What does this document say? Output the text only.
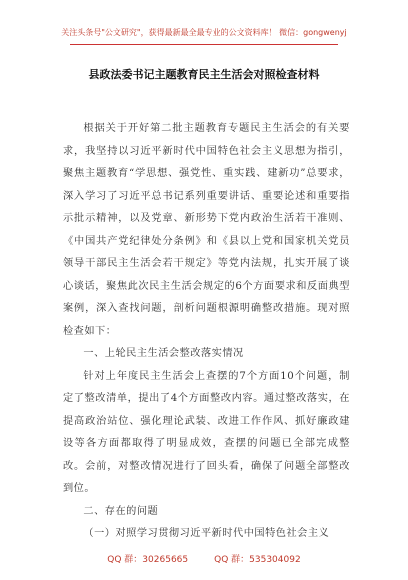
关注头条号"公文研究"，获得最新最全最专业的公文资料库！ 微信：gongwenyj
县政法委书记主题教育民主生活会对照检查材料

根据关于开好第二批主题教育专题民主生活会的有关要求，我坚持以习近平新时代中国特色社会主义思想为指引，聚焦主题教育“学思想、强党性、重实践、建新功”总要求，深入学习了习近平总书记系列重要讲话、重要论述和重要指示批示精神，以及党章、新形势下党内政治生活若干准则、《中国共产党纪律处分条例》和《县以上党和国家机关党员领导干部民主生活会若干规定》等党内法规，扎实开展了谈心谈话，聚焦此次民主生活会规定的6个方面要求和反面典型案例，深入查找问题，剖析问题根源明确整改措施。现对照检查如下：

一、上轮民主生活会整改落实情况

针对上年度民主生活会上查摆的7个方面10个问题，制定了整改清单，提出了4个方面整改内容。通过整改落实，在提高政治站位、强化理论武装、改进工作作风、抓好廉政建设等各方面都取得了明显成效，查摆的问题已全部完成整改。会前，对整改情况进行了回头看，确保了问题全部整改到位。

二、存在的问题

（一）对照学习贯彻习近平新时代中国特色社会主义

QQ 群：30265665	QQ 群：535304092
